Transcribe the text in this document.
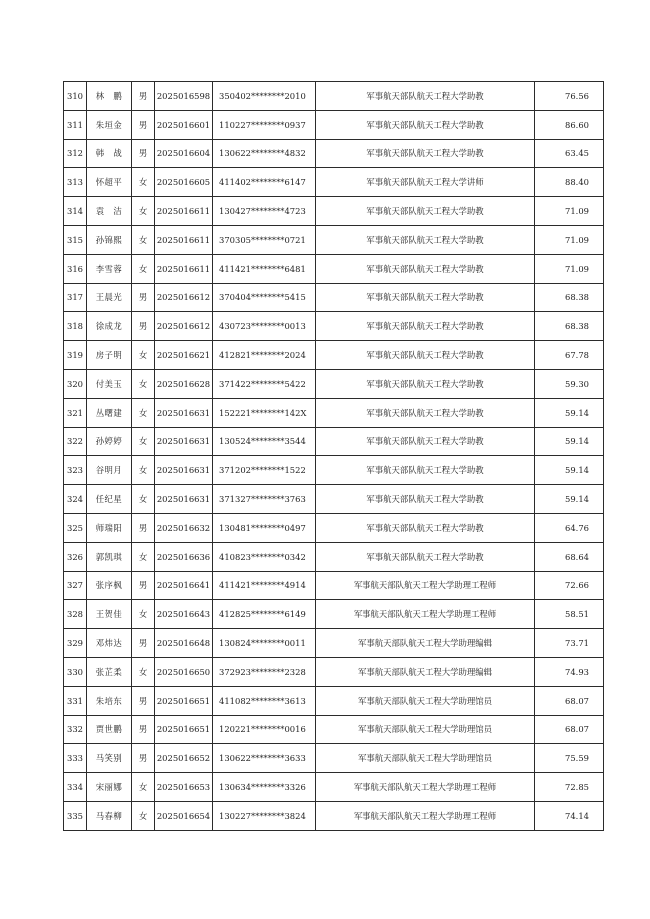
310	林　鹏	男	2025016598	350402********2010	军事航天部队航天工程大学助教	76.56
311	朱垣金	男	2025016601	110227********0937	军事航天部队航天工程大学助教	86.60
312	韩　战	男	2025016604	130622********4832	军事航天部队航天工程大学助教	63.45
313	怀超平	女	2025016605	411402********6147	军事航天部队航天工程大学讲师	88.40
314	袁　洁	女	2025016611	130427********4723	军事航天部队航天工程大学助教	71.09
315	孙锦熙	女	2025016611	370305********0721	军事航天部队航天工程大学助教	71.09
316	李雪蓉	女	2025016611	411421********6481	军事航天部队航天工程大学助教	71.09
317	王晨光	男	2025016612	370404********5415	军事航天部队航天工程大学助教	68.38
318	徐成龙	男	2025016612	430723********0013	军事航天部队航天工程大学助教	68.38
319	房子明	女	2025016621	412821********2024	军事航天部队航天工程大学助教	67.78
320	付美玉	女	2025016628	371422********5422	军事航天部队航天工程大学助教	59.30
321	丛曙建	女	2025016631	152221********142X	军事航天部队航天工程大学助教	59.14
322	孙婷婷	女	2025016631	130524********3544	军事航天部队航天工程大学助教	59.14
323	谷明月	女	2025016631	371202********1522	军事航天部队航天工程大学助教	59.14
324	任纪星	女	2025016631	371327********3763	军事航天部队航天工程大学助教	59.14
325	师瑞阳	男	2025016632	130481********0497	军事航天部队航天工程大学助教	64.76
326	郭凯琪	女	2025016636	410823********0342	军事航天部队航天工程大学助教	68.64
327	张序枫	男	2025016641	411421********4914	军事航天部队航天工程大学助理工程师	72.66
328	王贺佳	女	2025016643	412825********6149	军事航天部队航天工程大学助理工程师	58.51
329	邓炜达	男	2025016648	130824********0011	军事航天部队航天工程大学助理编辑	73.71
330	张芷柔	女	2025016650	372923********2328	军事航天部队航天工程大学助理编辑	74.93
331	朱培东	男	2025016651	411082********3613	军事航天部队航天工程大学助理馆员	68.07
332	贾世鹏	男	2025016651	120221********0016	军事航天部队航天工程大学助理馆员	68.07
333	马笑别	男	2025016652	130622********3633	军事航天部队航天工程大学助理馆员	75.59
334	宋丽娜	女	2025016653	130634********3326	军事航天部队航天工程大学助理工程师	72.85
335	马春柳	女	2025016654	130227********3824	军事航天部队航天工程大学助理工程师	74.14
